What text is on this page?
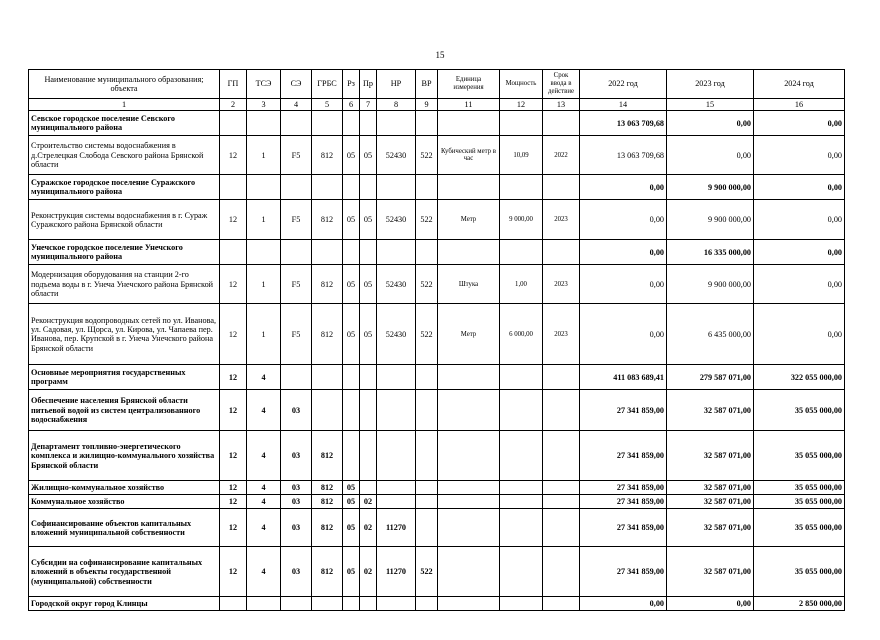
15
Наименование муниципального образования; объекта	ГП	ТСЭ	СЭ	ГРБС	Рз	Пр	НР	ВР	Единица измерения	Мощность	Срок ввода в действие	2022 год	2023 год	2024 год
1	2	3	4	5	6	7	8	9	11	12	13	14	15	16
Севское городское поселение Севского муниципального района												13 063 709,68	0,00	0,00
Строительство системы водоснабжения в д.Стрелецкая Слобода Севского района Брянской области	12	1	F5	812	05	05	52430	522	Кубический метр в час	10,09	2022	13 063 709,68	0,00	0,00
Суражское городское поселение Суражского муниципального района												0,00	9 900 000,00	0,00
Реконструкция системы водоснабжения в г. Сураж Суражского района Брянской области	12	1	F5	812	05	05	52430	522	Метр	9 000,00	2023	0,00	9 900 000,00	0,00
Унечское городское поселение Унечского муниципального района												0,00	16 335 000,00	0,00
Модернизация оборудования на станции 2-го подъема воды в г. Унеча Унечского района Брянской области	12	1	F5	812	05	05	52430	522	Штука	1,00	2023	0,00	9 900 000,00	0,00
Реконструкция водопроводных сетей по ул. Иванова, ул. Садовая, ул. Щорса, ул. Кирова, ул. Чапаева пер. Иванова, пер. Крупской в г. Унеча Унечского района Брянской области	12	1	F5	812	05	05	52430	522	Метр	6 000,00	2023	0,00	6 435 000,00	0,00
Основные мероприятия государственных программ	12	4										411 083 689,41	279 587 071,00	322 055 000,00
Обеспечение населения Брянской области питьевой водой из систем централизованного водоснабжения	12	4	03									27 341 859,00	32 587 071,00	35 055 000,00
Департамент топливно-энергетического комплекса и жилищно-коммунального хозяйства Брянской области	12	4	03	812								27 341 859,00	32 587 071,00	35 055 000,00
Жилищно-коммунальное хозяйство	12	4	03	812	05							27 341 859,00	32 587 071,00	35 055 000,00
Коммунальное хозяйство	12	4	03	812	05	02						27 341 859,00	32 587 071,00	35 055 000,00
Софинансирование объектов капитальных вложений муниципальной собственности	12	4	03	812	05	02	11270					27 341 859,00	32 587 071,00	35 055 000,00
Субсидии на софинансирование капитальных вложений в объекты государственной (муниципальной) собственности	12	4	03	812	05	02	11270	522				27 341 859,00	32 587 071,00	35 055 000,00
Городской округ город Клинцы												0,00	0,00	2 850 000,00
